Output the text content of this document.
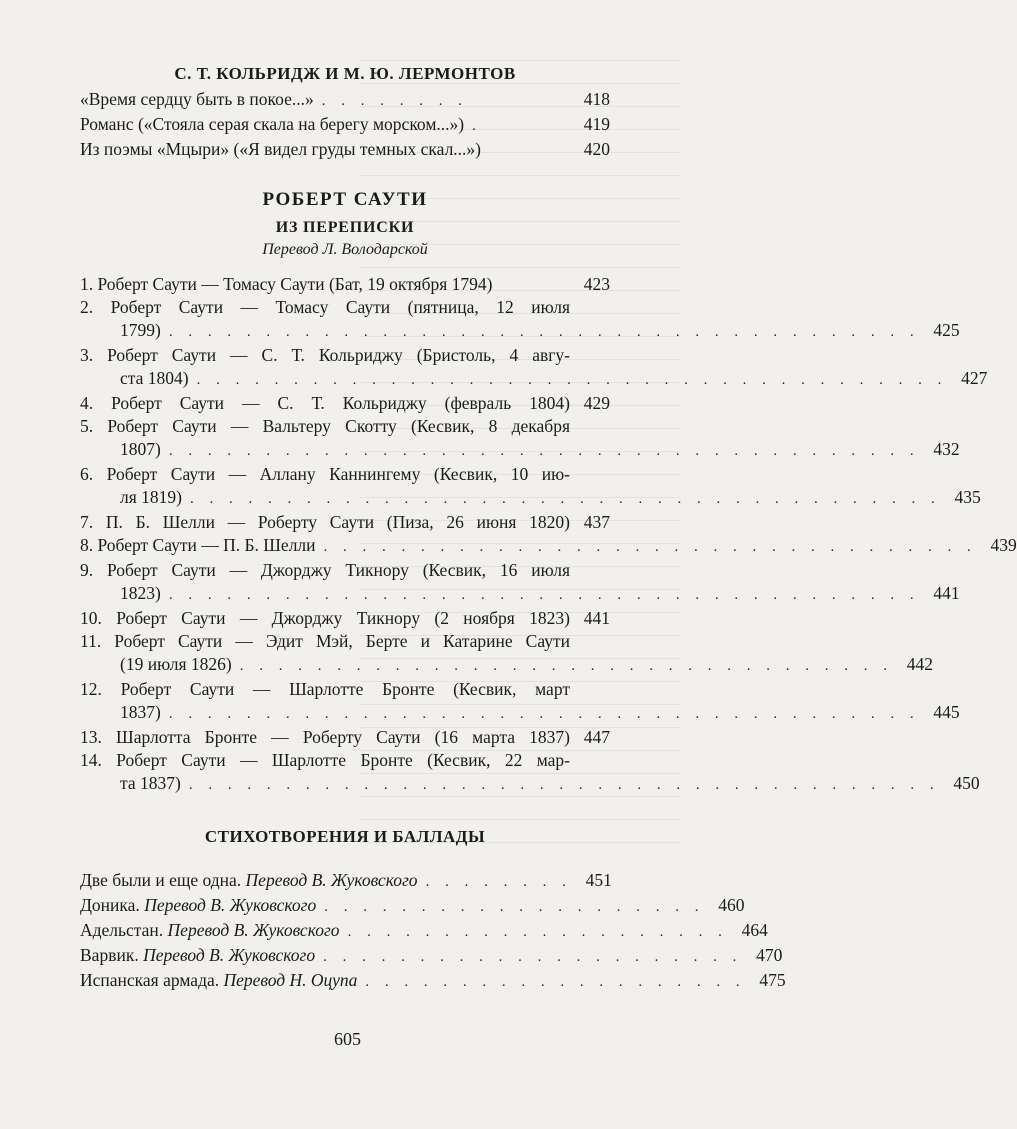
С. Т. КОЛЬРИДЖ И М. Ю. ЛЕРМОНТОВ
«Время сердцу быть в покое...» . . . . . . . .	418
Романс («Стояла серая скала на берегу морском...») .	419
Из поэмы «Мцыри» («Я видел груды темных скал...»)	420
РОБЕРТ САУТИ
ИЗ ПЕРЕПИСКИ

Перевод Л. Володарской

1. Роберт Саути — Томасу Саути (Бат, 19 октября 1794)	423
2. Роберт Саути — Томасу Саути (пятница, 12 июля
1799) . . . . . . . . . . . . . . . . . . . . . . . . . . . . . . . . . . . . . . . 425
3. Роберт Саути — С. Т. Кольриджу (Бристоль, 4 авгу-
ста 1804) . . . . . . . . . . . . . . . . . . . . . . . . . . . . . . . . . . . . . . . 427
4. Роберт Саути — С. Т. Кольриджу (февраль 1804) 429
5. Роберт Саути — Вальтеру Скотту (Кесвик, 8 декабря
1807) . . . . . . . . . . . . . . . . . . . . . . . . . . . . . . . . . . . . . . . 432
6. Роберт Саути — Аллану Каннингему (Кесвик, 10 ию-
ля 1819) . . . . . . . . . . . . . . . . . . . . . . . . . . . . . . . . . . . . . . . 435
7. П. Б. Шелли — Роберту Саути (Пиза, 26 июня 1820) 437
8. Роберт Саути — П. Б. Шелли . . . . . . . . . . . . . . . . . . . . . . . . . . . . . . . . . . 439
9. Роберт Саути — Джорджу Тикнору (Кесвик, 16 июля
1823) . . . . . . . . . . . . . . . . . . . . . . . . . . . . . . . . . . . . . . . 441
10. Роберт Саути — Джорджу Тикнору (2 ноября 1823) 441
11. Роберт Саути — Эдит Мэй, Берте и Катарине Саути
(19 июля 1826) . . . . . . . . . . . . . . . . . . . . . . . . . . . . . . . . . . 442
12. Роберт Саути — Шарлотте Бронте (Кесвик, март
1837) . . . . . . . . . . . . . . . . . . . . . . . . . . . . . . . . . . . . . . . 445
13. Шарлотта Бронте — Роберту Саути (16 марта 1837) 447
14. Роберт Саути — Шарлотте Бронте (Кесвик, 22 мар-
та 1837) . . . . . . . . . . . . . . . . . . . . . . . . . . . . . . . . . . . . . . . 450
СТИХОТВОРЕНИЯ И БАЛЛАДЫ
Две были и еще одна. Перевод В. Жуковского . . . . . . . . 451
Доника. Перевод В. Жуковского . . . . . . . . . . . . . . . . . . . . 460
Адельстан. Перевод В. Жуковского . . . . . . . . . . . . . . . . . . . . 464
Варвик. Перевод В. Жуковского . . . . . . . . . . . . . . . . . . . . . . 470
Испанская армада. Перевод Н. Оцупа . . . . . . . . . . . . . . . . . . . . 475
605
